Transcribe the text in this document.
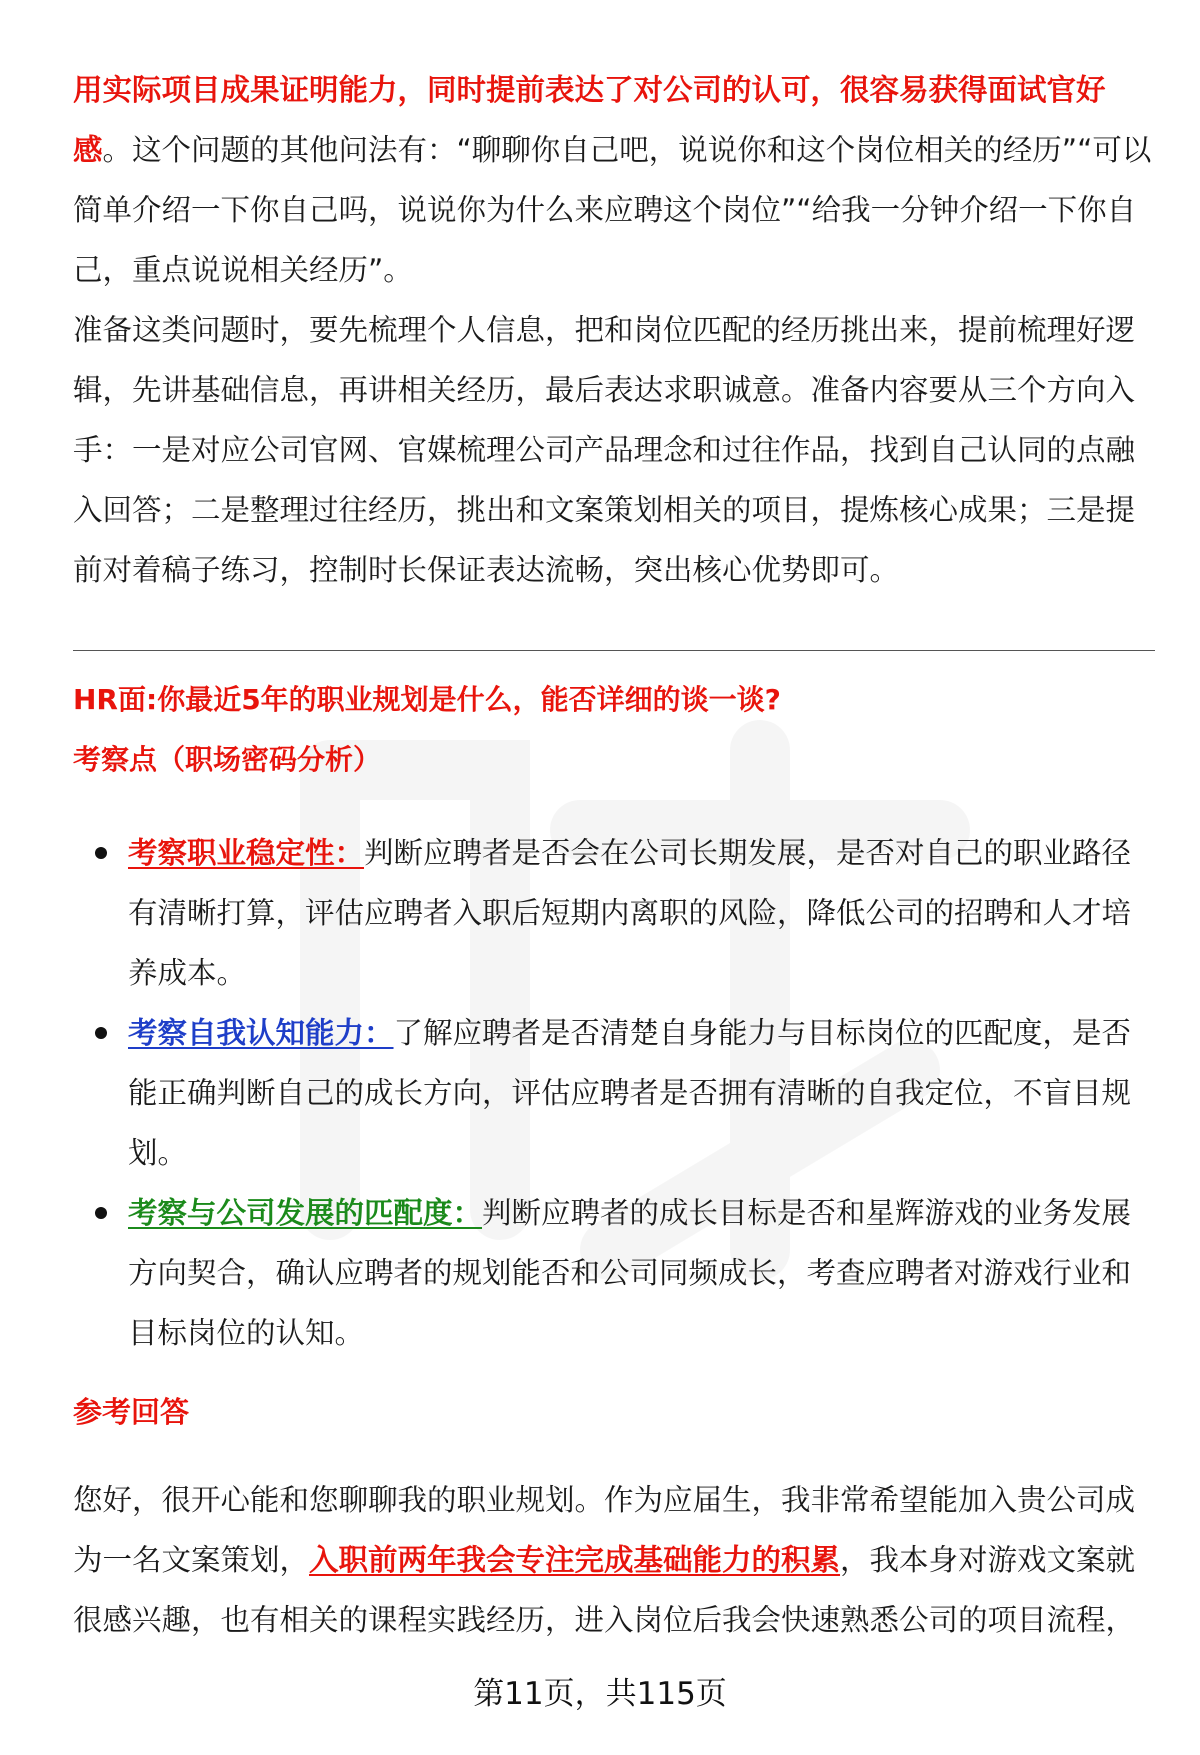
用实际项目成果证明能力，同时提前表达了对公司的认可，很容易获得面试官好感。这个问题的其他问法有：“聊聊你自己吧，说说你和这个岗位相关的经历”“可以简单介绍一下你自己吗，说说你为什么来应聘这个岗位”“给我一分钟介绍一下你自己，重点说说相关经历”。

准备这类问题时，要先梳理个人信息，把和岗位匹配的经历挑出来，提前梳理好逻辑，先讲基础信息，再讲相关经历，最后表达求职诚意。准备内容要从三个方向入手：一是对应公司官网、官媒梳理公司产品理念和过往作品，找到自己认同的点融入回答；二是整理过往经历，挑出和文案策划相关的项目，提炼核心成果；三是提前对着稿子练习，控制时长保证表达流畅，突出核心优势即可。

HR面:你最近5年的职业规划是什么，能否详细的谈一谈?

考察点（职场密码分析）

考察职业稳定性：判断应聘者是否会在公司长期发展，是否对自己的职业路径有清晰打算，评估应聘者入职后短期内离职的风险，降低公司的招聘和人才培养成本。
考察自我认知能力：了解应聘者是否清楚自身能力与目标岗位的匹配度，是否能正确判断自己的成长方向，评估应聘者是否拥有清晰的自我定位，不盲目规划。
考察与公司发展的匹配度：判断应聘者的成长目标是否和星辉游戏的业务发展方向契合，确认应聘者的规划能否和公司同频成长，考查应聘者对游戏行业和目标岗位的认知。

参考回答

您好，很开心能和您聊聊我的职业规划。作为应届生，我非常希望能加入贵公司成为一名文案策划，入职前两年我会专注完成基础能力的积累，我本身对游戏文案就很感兴趣，也有相关的课程实践经历，进入岗位后我会快速熟悉公司的项目流程，

第11页，共115页
